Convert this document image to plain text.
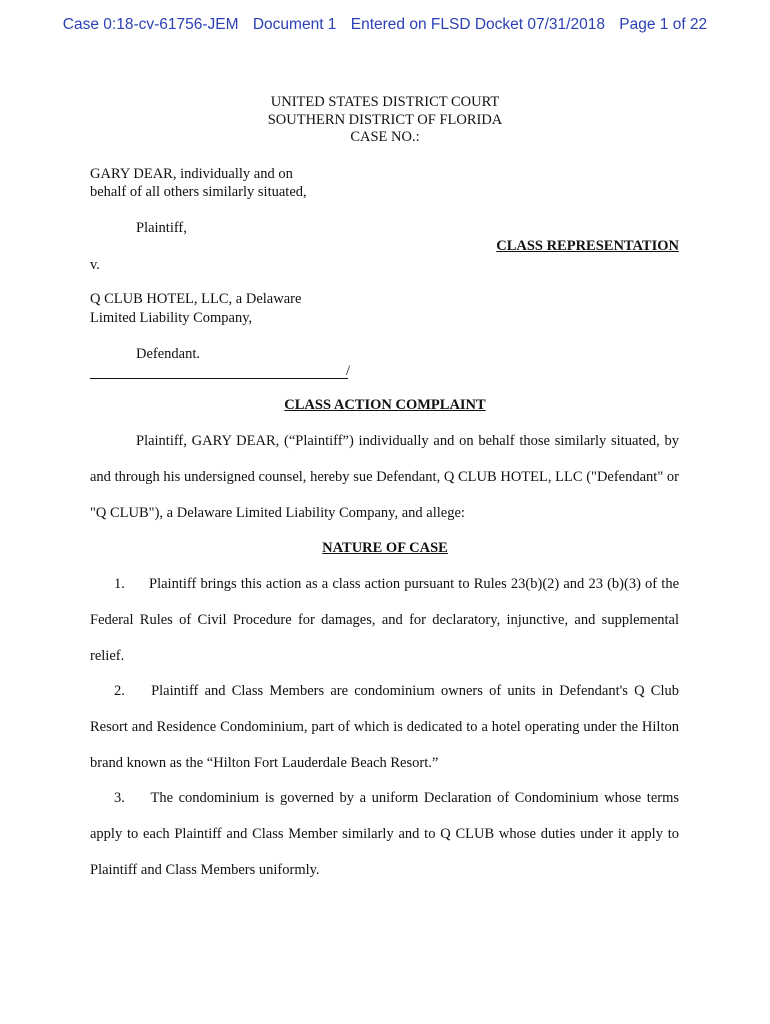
Case 0:18-cv-61756-JEM Document 1 Entered on FLSD Docket 07/31/2018 Page 1 of 22
UNITED STATES DISTRICT COURT
SOUTHERN DISTRICT OF FLORIDA
CASE NO.:
GARY DEAR, individually and on
behalf of all others similarly situated,
Plaintiff,
CLASS REPRESENTATION
v.
Q CLUB HOTEL, LLC, a Delaware
Limited Liability Company,
Defendant.
/
CLASS ACTION COMPLAINT
Plaintiff, GARY DEAR, (“Plaintiff”) individually and on behalf those similarly situated, by and through his undersigned counsel, hereby sue Defendant, Q CLUB HOTEL, LLC ("Defendant" or "Q CLUB"), a Delaware Limited Liability Company, and allege:
NATURE OF CASE
1. Plaintiff brings this action as a class action pursuant to Rules 23(b)(2) and 23 (b)(3) of the Federal Rules of Civil Procedure for damages, and for declaratory, injunctive, and supplemental relief.
2. Plaintiff and Class Members are condominium owners of units in Defendant's Q Club Resort and Residence Condominium, part of which is dedicated to a hotel operating under the Hilton brand known as the “Hilton Fort Lauderdale Beach Resort.”
3. The condominium is governed by a uniform Declaration of Condominium whose terms apply to each Plaintiff and Class Member similarly and to Q CLUB whose duties under it apply to Plaintiff and Class Members uniformly.
